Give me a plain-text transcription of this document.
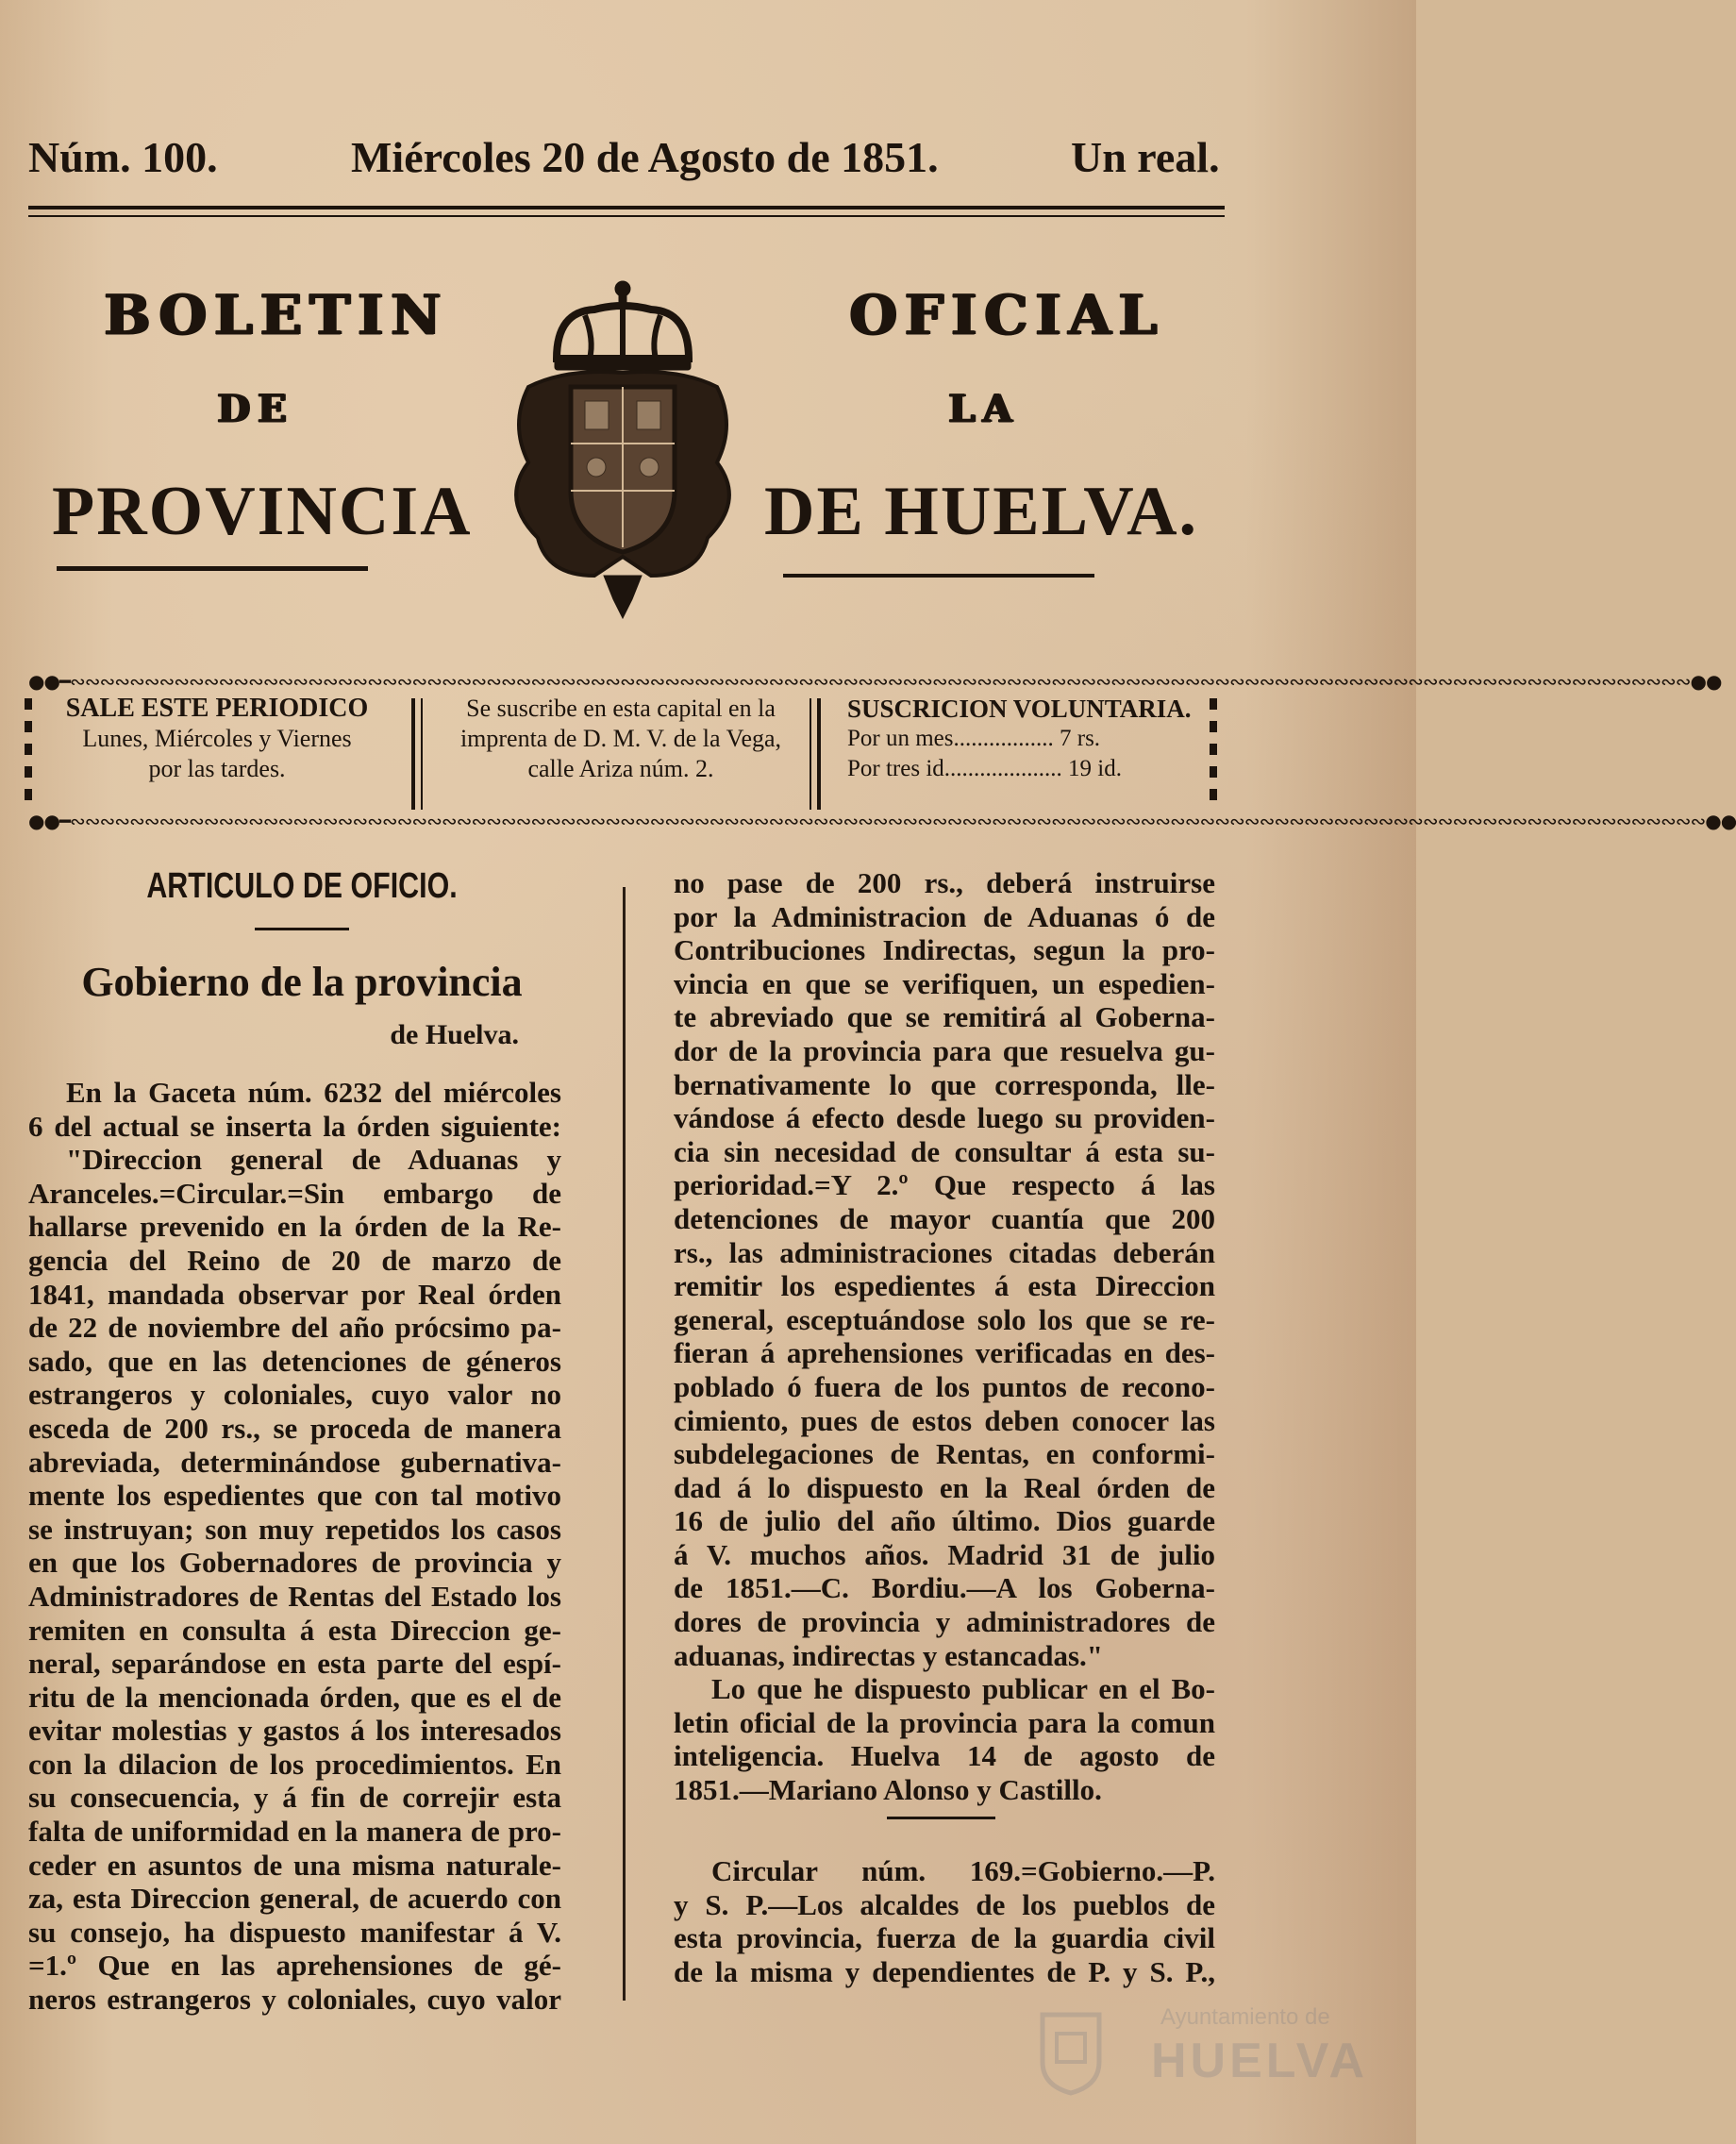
Núm. 100.	Miércoles 20 de Agosto de 1851.	Un real.
BOLETIN	OFICIAL
DE	LA
PROVINCIA	DE HUELVA.
●●━∾∾∾∾∾∾∾∾∾∾∾∾∾∾∾∾∾∾∾∾∾∾∾∾∾∾∾∾∾∾∾∾∾∾∾∾∾∾∾∾∾∾∾∾∾∾∾∾∾∾∾∾∾∾∾∾∾∾∾∾∾∾∾∾∾∾∾∾∾∾∾∾∾∾∾∾∾∾∾∾∾∾∾∾∾∾∾∾∾∾∾∾∾∾∾∾∾∾∾∾∾∾∾∾∾∾∾∾∾●●
●●━∾∾∾∾∾∾∾∾∾∾∾∾∾∾∾∾∾∾∾∾∾∾∾∾∾∾∾∾∾∾∾∾∾∾∾∾∾∾∾∾∾∾∾∾∾∾∾∾∾∾∾∾∾∾∾∾∾∾∾∾∾∾∾∾∾∾∾∾∾∾∾∾∾∾∾∾∾∾∾∾∾∾∾∾∾∾∾∾∾∾∾∾∾∾∾∾∾∾∾∾∾∾∾∾∾∾∾∾∾∾●●
SALE ESTE PERIODICO
Lunes, Miércoles y Viernes
por las tardes.
Se suscribe en esta capital en la
imprenta de D. M. V. de la Vega,
calle Ariza núm. 2.
SUSCRICION VOLUNTARIA.
Por un mes................. 7 rs.
Por tres id.................... 19 id.
ARTICULO DE OFICIO.
Gobierno de la provincia
de Huelva.

En la Gaceta núm. 6232 del miércoles

6 del actual se inserta la órden siguiente:

"Direccion general de Aduanas y

Aranceles.=Circular.=Sin embargo de

hallarse prevenido en la órden de la Re-

gencia del Reino de 20 de marzo de

1841, mandada observar por Real órden

de 22 de noviembre del año prócsimo pa-

sado, que en las detenciones de géneros

estrangeros y coloniales, cuyo valor no

esceda de 200 rs., se proceda de manera

abreviada, determinándose gubernativa-

mente los espedientes que con tal motivo

se instruyan; son muy repetidos los casos

en que los Gobernadores de provincia y

Administradores de Rentas del Estado los

remiten en consulta á esta Direccion ge-

neral, separándose en esta parte del espí-

ritu de la mencionada órden, que es el de

evitar molestias y gastos á los interesados

con la dilacion de los procedimientos. En

su consecuencia, y á fin de correjir esta

falta de uniformidad en la manera de pro-

ceder en asuntos de una misma naturale-

za, esta Direccion general, de acuerdo con

su consejo, ha dispuesto manifestar á V.

=1.º Que en las aprehensiones de gé-

neros estrangeros y coloniales, cuyo valor

no pase de 200 rs., deberá instruirse

por la Administracion de Aduanas ó de

Contribuciones Indirectas, segun la pro-

vincia en que se verifiquen, un espedien-

te abreviado que se remitirá al Goberna-

dor de la provincia para que resuelva gu-

bernativamente lo que corresponda, lle-

vándose á efecto desde luego su providen-

cia sin necesidad de consultar á esta su-

perioridad.=Y 2.º Que respecto á las

detenciones de mayor cuantía que 200

rs., las administraciones citadas deberán

remitir los espedientes á esta Direccion

general, esceptuándose solo los que se re-

fieran á aprehensiones verificadas en des-

poblado ó fuera de los puntos de recono-

cimiento, pues de estos deben conocer las

subdelegaciones de Rentas, en conformi-

dad á lo dispuesto en la Real órden de

16 de julio del año último. Dios guarde

á V. muchos años. Madrid 31 de julio

de 1851.—C. Bordiu.—A los Goberna-

dores de provincia y administradores de

aduanas, indirectas y estancadas."

Lo que he dispuesto publicar en el Bo-

letin oficial de la provincia para la comun

inteligencia. Huelva 14 de agosto de

1851.—Mariano Alonso y Castillo.

Circular núm. 169.=Gobierno.—P.

y S. P.—Los alcaldes de los pueblos de

esta provincia, fuerza de la guardia civil

de la misma y dependientes de P. y S. P.,

Ayuntamiento de
HUELVA
